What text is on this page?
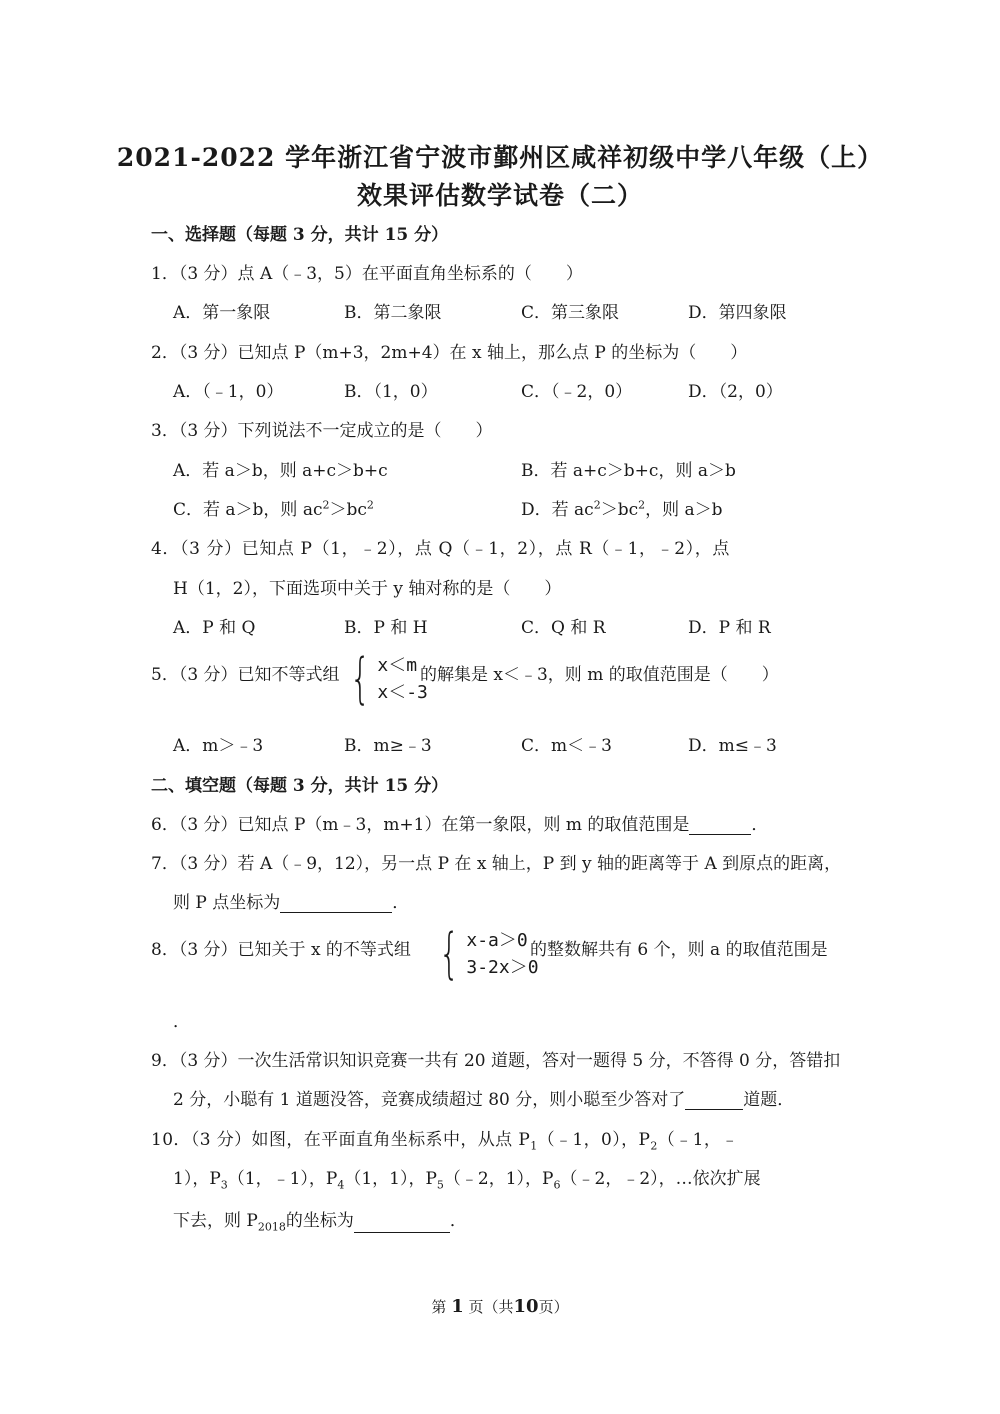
2021-2022 学年浙江省宁波市鄞州区咸祥初级中学八年级（上）
效果评估数学试卷（二）
一、选择题（每题 3 分，共计 15 分）
1．（3 分）点 A（﹣3，5）在平面直角坐标系的（　　）
A．第一象限	B．第二象限	C．第三象限	D．第四象限
2．（3 分）已知点 P（m+3，2m+4）在 x 轴上，那么点 P 的坐标为（　　）
A．（﹣1，0）	B．（1，0）	C．（﹣2，0）	D．（2，0）
3．（3 分）下列说法不一定成立的是（　　）
A．若 a＞b，则 a+c＞b+c	B．若 a+c＞b+c，则 a＞b
C．若 a＞b，则 $ac^2>bc^2$	D．若 $ac^2>bc^2$，则 a＞b
4．（3 分）已知点 P（1，﹣2），点 Q（﹣1，2），点 R（﹣1，﹣2），点
H（1，2），下面选项中关于 y 轴对称的是（　　）
A．P 和 Q	B．P 和 H	C．Q 和 R	D．P 和 R
5．（3 分）已知不等式组 { x＜m
x＜-3
的解集是 x＜﹣3，则 m 的取值范围是（　　）
A．m＞﹣3	B．m≥﹣3	C．m＜﹣3	D．m≤﹣3
二、填空题（每题 3 分，共计 15 分）
6．（3 分）已知点 P（m﹣3，m+1）在第一象限，则 m 的取值范围是	．
7．（3 分）若 A（﹣9，12），另一点 P 在 x 轴上，P 到 y 轴的距离等于 A 到原点的距离，
则 P 点坐标为	．
8．（3 分）已知关于 x 的不等式组 { x-a＞0
3-2x＞0
的整数解共有 6 个，则 a 的取值范围是
．
9．（3 分）一次生活常识知识竞赛一共有 20 道题，答对一题得 5 分，不答得 0 分，答错扣
2 分，小聪有 1 道题没答，竞赛成绩超过 80 分，则小聪至少答对了	道题．
10．（3 分）如图，在平面直角坐标系中，从点 $P_1(﹣1$，0），$P_2(﹣1$，﹣
1），$P_3(1$，﹣1），$P_4(1$，1），$P_5(﹣2$，1），$P_6(﹣2$，﹣2），…依次扩展
下去，则 $P_{2018}$的坐标为	．
第 1 页（共10页）
